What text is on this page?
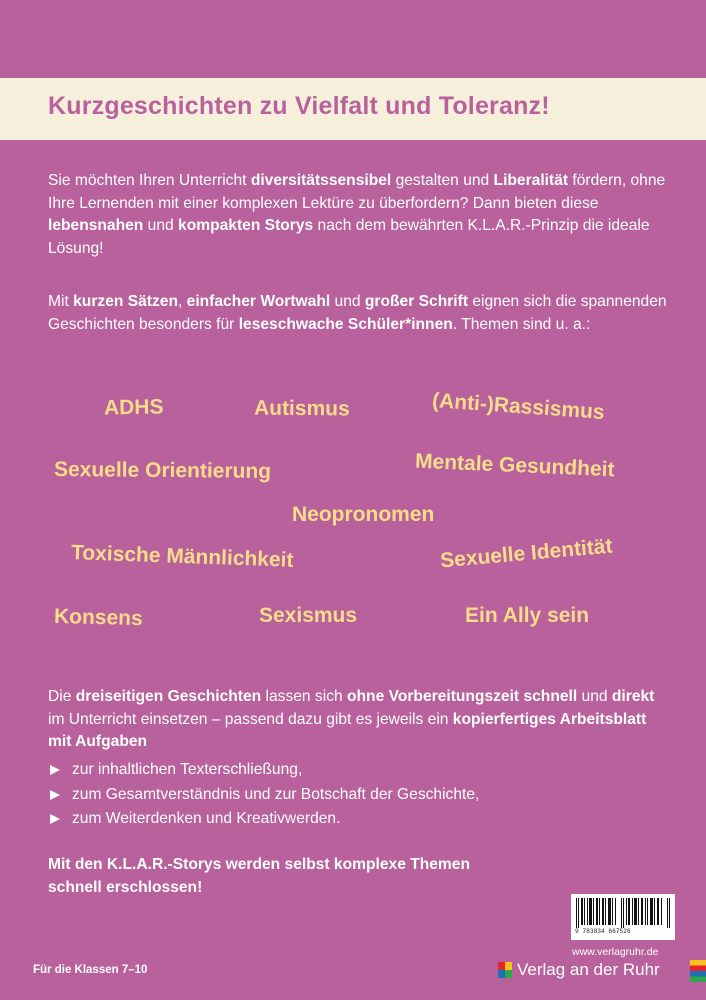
Kurzgeschichten zu Vielfalt und Toleranz!

Sie möchten Ihren Unterricht diversitätssensibel gestalten und Liberalität fördern, ohne Ihre Lernenden mit einer komplexen Lektüre zu überfordern? Dann bieten diese lebensnahen und kompakten Storys nach dem bewährten K.L.A.R.-Prinzip die ideale Lösung!

Mit kurzen Sätzen, einfacher Wortwahl und großer Schrift eignen sich die spannenden Geschichten besonders für leseschwache Schüler*innen. Themen sind u. a.:

ADHS	Autismus	(Anti-)Rassismus
Sexuelle Orientierung	Mentale Gesundheit
Neopronomen
Toxische Männlichkeit	Sexuelle Identität
Konsens	Sexismus	Ein Ally sein

Die dreiseitigen Geschichten lassen sich ohne Vorbereitungszeit schnell und direkt im Unterricht einsetzen – passend dazu gibt es jeweils ein kopierfertiges Arbeitsblatt mit Aufgaben

zur inhaltlichen Texterschließung,
zum Gesamtverständnis und zur Botschaft der Geschichte,
zum Weiterdenken und Kreativwerden.

Mit den K.L.A.R.-Storys werden selbst komplexe Themen schnell erschlossen!

9 783834 667526
www.verlagruhr.de
Verlag an der Ruhr
Für die Klassen 7–10
